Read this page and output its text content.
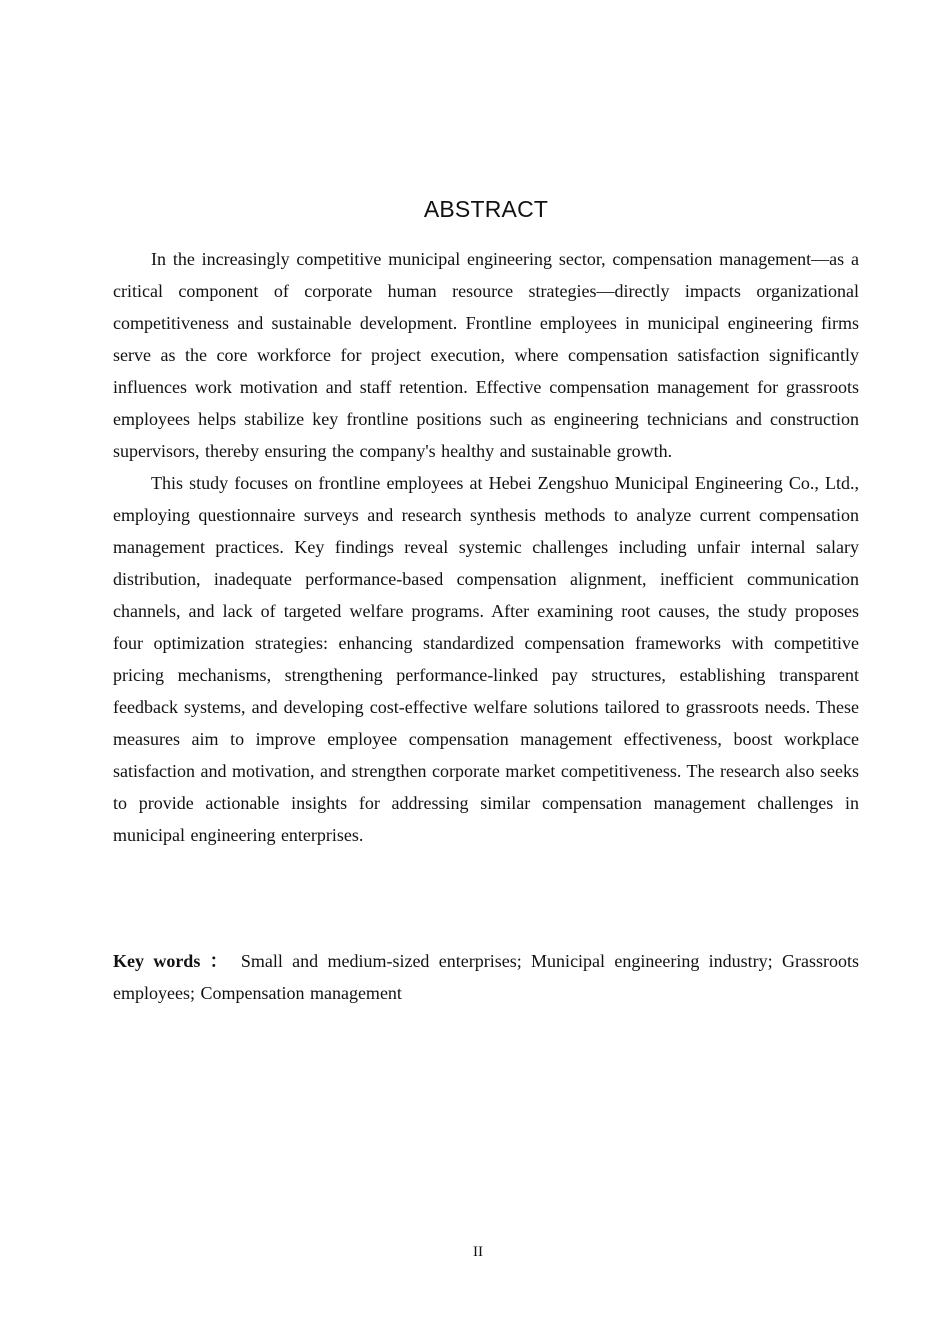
ABSTRACT

In the increasingly competitive municipal engineering sector, compensation management—as a critical component of corporate human resource strategies—directly impacts organizational competitiveness and sustainable development. Frontline employees in municipal engineering firms serve as the core workforce for project execution, where compensation satisfaction significantly influences work motivation and staff retention. Effective compensation management for grassroots employees helps stabilize key frontline positions such as engineering technicians and construction supervisors, thereby ensuring the company's healthy and sustainable growth.

This study focuses on frontline employees at Hebei Zengshuo Municipal Engineering Co., Ltd., employing questionnaire surveys and research synthesis methods to analyze current compensation management practices. Key findings reveal systemic challenges including unfair internal salary distribution, inadequate performance-based compensation alignment, inefficient communication channels, and lack of targeted welfare programs. After examining root causes, the study proposes four optimization strategies: enhancing standardized compensation frameworks with competitive pricing mechanisms, strengthening performance-linked pay structures, establishing transparent feedback systems, and developing cost-effective welfare solutions tailored to grassroots needs. These measures aim to improve employee compensation management effectiveness, boost workplace satisfaction and motivation, and strengthen corporate market competitiveness. The research also seeks to provide actionable insights for addressing similar compensation management challenges in municipal engineering enterprises.

Key words ： Small and medium-sized enterprises; Municipal engineering industry; Grassroots employees; Compensation management
II
